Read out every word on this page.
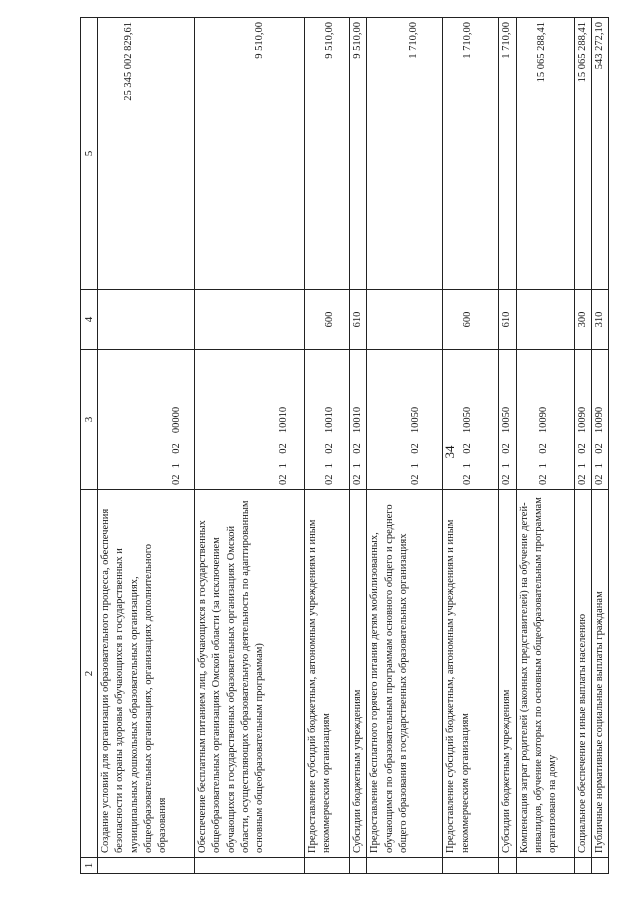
34
1	2	3	4	5
	Создание условий для организации образовательного процесса, обеспечения безопасности и охраны здоровья обучающихся в государственных и муниципальных дошкольных образовательных организациях, общеобразовательных организациях, организациях дополнительного образования	02 1 02 00000		25 345 002 829,61
	Обеспечение бесплатным питанием лиц, обучающихся в государственных общеобразовательных организациях Омской области (за исключением обучающихся в государственных образовательных организациях Омской области, осуществляющих образовательную деятельность по адаптированным основным общеобразовательным программам)	02 1 02 10010		9 510,00
	Предоставление субсидий бюджетным, автономным учреждениям и иным некоммерческим организациям	02 1 02 10010	600	9 510,00
	Субсидии бюджетным учреждениям	02 1 02 10010	610	9 510,00
	Предоставление бесплатного горячего питания детям мобилизованных, обучающимся по образовательным программам основного общего и среднего общего образования в государственных образовательных организациях	02 1 02 10050		1 710,00
	Предоставление субсидий бюджетным, автономным учреждениям и иным некоммерческим организациям	02 1 02 10050	600	1 710,00
	Субсидии бюджетным учреждениям	02 1 02 10050	610	1 710,00
	Компенсация затрат родителей (законных представителей) на обучение детей-инвалидов, обучение которых по основным общеобразовательным программам организовано на дому	02 1 02 10090		15 065 288,41
	Социальное обеспечение и иные выплаты населению	02 1 02 10090	300	15 065 288,41
	Публичные нормативные социальные выплаты гражданам	02 1 02 10090	310	543 272,10
